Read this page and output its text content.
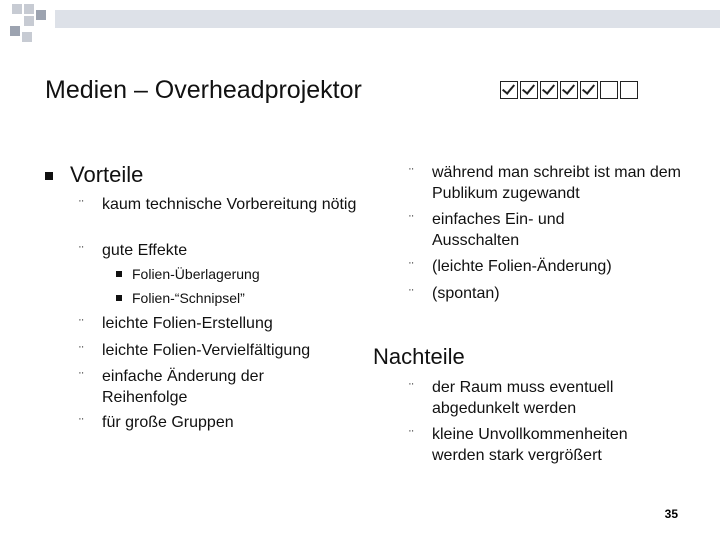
Medien – Overheadprojektor
Vorteile
¨ kaum technische Vorbereitung nötig
¨ gute Effekte
Folien-Überlagerung
Folien-“Schnipsel”
¨ leichte Folien-Erstellung
¨ leichte Folien-Vervielfältigung
¨ einfache Änderung der Reihenfolge
¨ für große Gruppen
¨ während man schreibt ist man dem Publikum zugewandt
¨ einfaches Ein- und Ausschalten
¨ (leichte Folien-Änderung)
¨ (spontan)
Nachteile
¨ der Raum muss eventuell abgedunkelt werden
¨ kleine Unvollkommenheiten werden stark vergrößert
35
